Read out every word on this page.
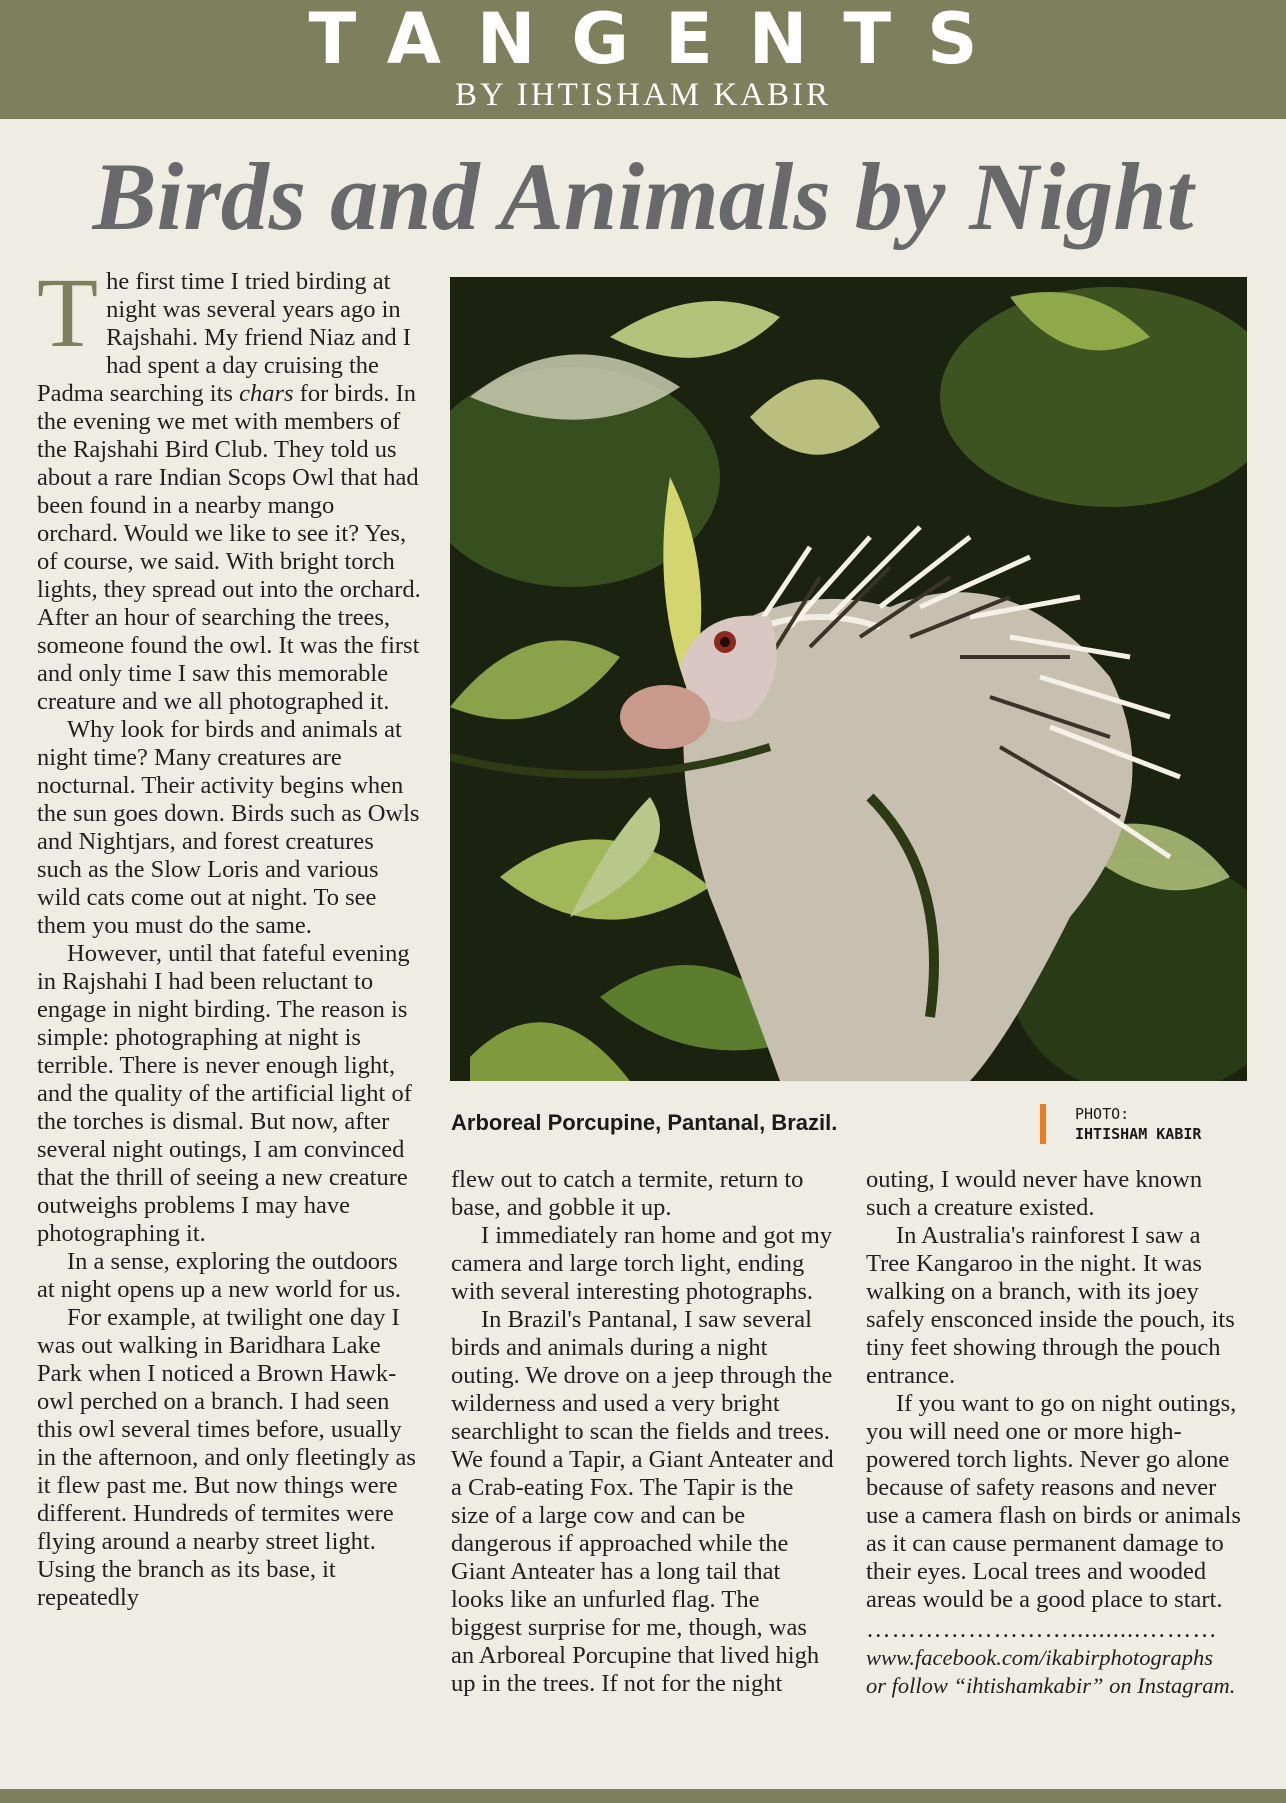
TANGENTS
BY IHTISHAM KABIR
Birds and Animals by Night

The first time I tried birding at night was several years ago in Rajshahi. My friend Niaz and I had spent a day cruising the Padma searching its chars for birds. In the evening we met with members of the Rajshahi Bird Club. They told us about a rare Indian Scops Owl that had been found in a nearby mango orchard. Would we like to see it? Yes, of course, we said. With bright torch lights, they spread out into the orchard. After an hour of searching the trees, someone found the owl. It was the first and only time I saw this memorable creature and we all photographed it.

Why look for birds and animals at night time? Many creatures are nocturnal. Their activity begins when the sun goes down. Birds such as Owls and Nightjars, and forest creatures such as the Slow Loris and various wild cats come out at night. To see them you must do the same.

However, until that fateful evening in Rajshahi I had been reluctant to engage in night birding. The reason is simple: photographing at night is terrible. There is never enough light, and the quality of the artificial light of the torches is dismal. But now, after several night outings, I am convinced that the thrill of seeing a new creature outweighs problems I may have photographing it.

In a sense, exploring the outdoors at night opens up a new world for us.

For example, at twilight one day I was out walking in Baridhara Lake Park when I noticed a Brown Hawk-owl perched on a branch. I had seen this owl several times before, usually in the afternoon, and only fleetingly as it flew past me. But now things were different. Hundreds of termites were flying around a nearby street light. Using the branch as its base, it repeatedly

Arboreal Porcupine, Pantanal, Brazil.	PHOTO:
IHTISHAM KABIR

flew out to catch a termite, return to base, and gobble it up.

I immediately ran home and got my camera and large torch light, ending with several interesting photographs.

In Brazil's Pantanal, I saw several birds and animals during a night outing. We drove on a jeep through the wilderness and used a very bright searchlight to scan the fields and trees. We found a Tapir, a Giant Anteater and a Crab-eating Fox. The Tapir is the size of a large cow and can be dangerous if approached while the Giant Anteater has a long tail that looks like an unfurled flag. The biggest surprise for me, though, was an Arboreal Porcupine that lived high up in the trees. If not for the night

outing, I would never have known such a creature existed.

In Australia's rainforest I saw a Tree Kangaroo in the night. It was walking on a branch, with its joey safely ensconced inside the pouch, its tiny feet showing through the pouch entrance.

If you want to go on night outings, you will need one or more high-powered torch lights. Never go alone because of safety reasons and never use a camera flash on birds or animals as it can cause permanent damage to their eyes. Local trees and wooded areas would be a good place to start.

……………………..........………
www.facebook.com/ikabirphotographs
or follow “ihtishamkabir” on Instagram.
